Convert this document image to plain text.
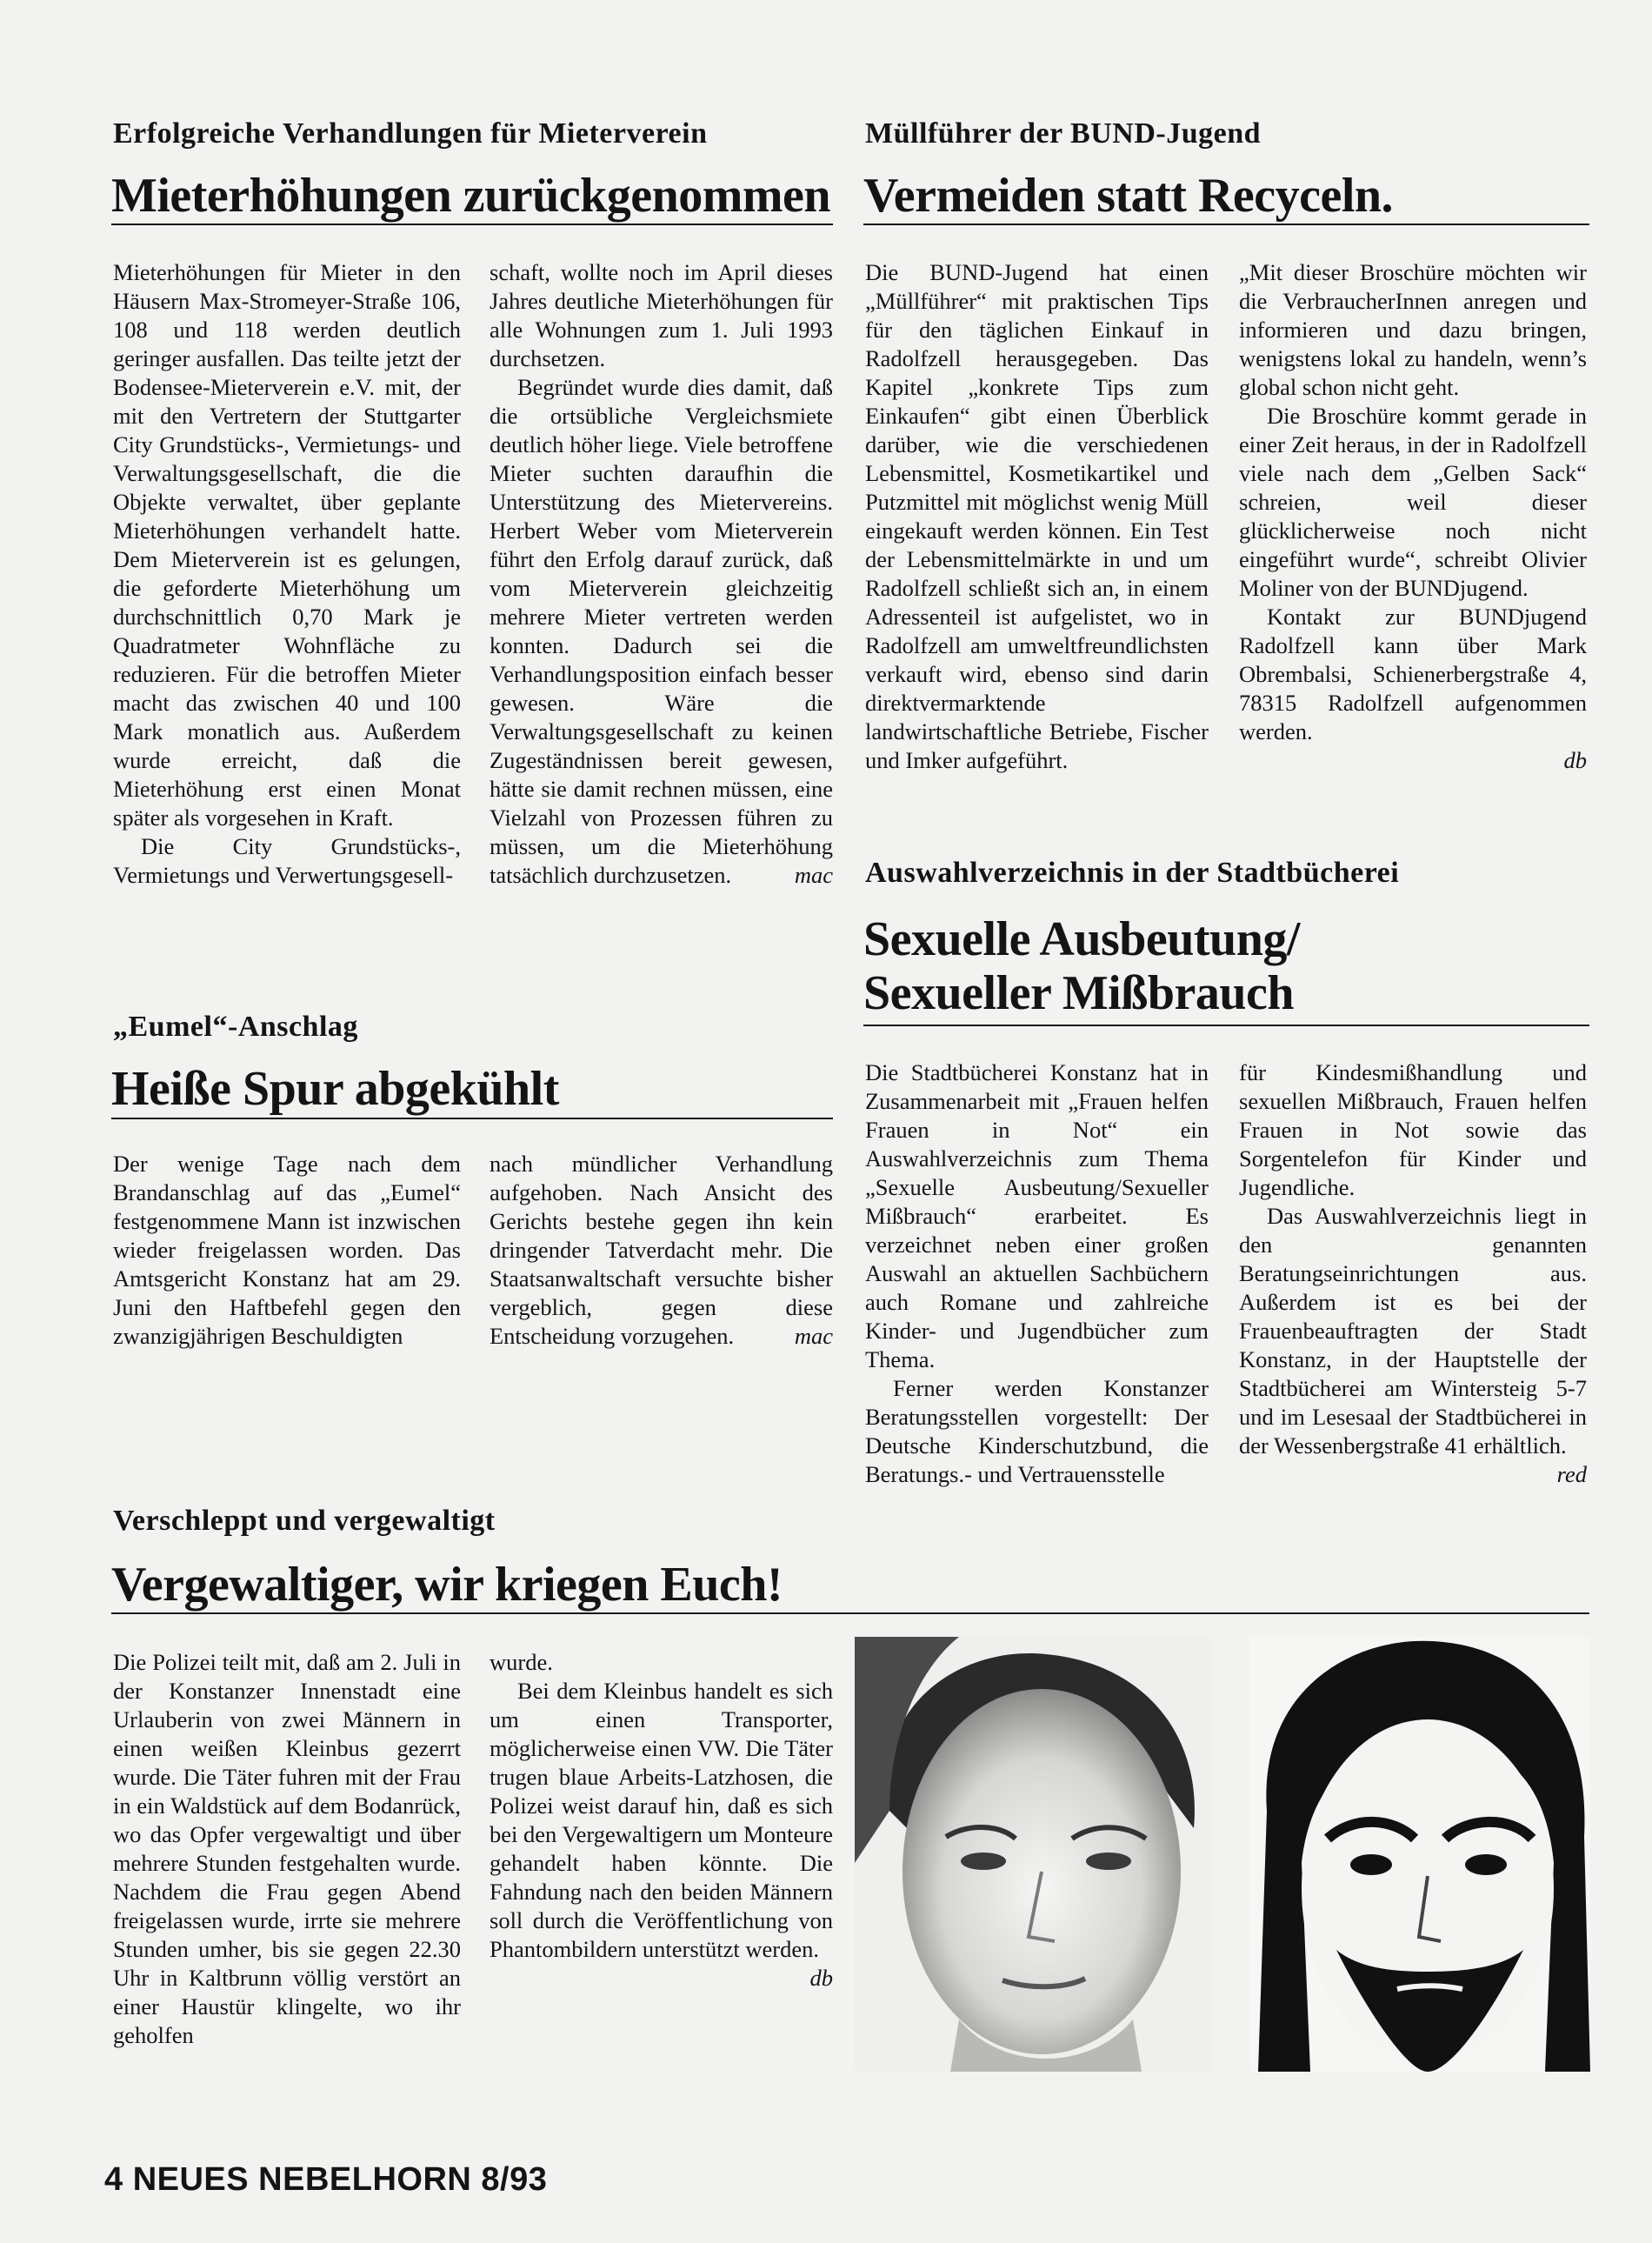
Erfolgreiche Verhandlungen für Mieterverein
Mieterhöhungen zurückgenommen

Mieterhöhungen für Mieter in den Häusern Max-Stromeyer-Straße 106, 108 und 118 werden deutlich geringer ausfallen. Das teilte jetzt der Bodensee-Mieterverein e.V. mit, der mit den Vertretern der Stuttgarter City Grundstücks-, Vermietungs- und Verwaltungsgesellschaft, die die Objekte verwaltet, über geplante Mieterhöhungen verhandelt hatte. Dem Mieterverein ist es gelungen, die geforderte Mieterhöhung um durchschnittlich 0,70 Mark je Quadratmeter Wohnfläche zu reduzieren. Für die betroffen Mieter macht das zwischen 40 und 100 Mark monatlich aus. Außerdem wurde erreicht, daß die Mieterhöhung erst einen Monat später als vorgesehen in Kraft.

Die City Grundstücks-, Vermietungs und Verwertungsgesell-

schaft, wollte noch im April dieses Jahres deutliche Mieterhöhungen für alle Wohnungen zum 1. Juli 1993 durchsetzen.

Begründet wurde dies damit, daß die ortsübliche Vergleichsmiete deutlich höher liege. Viele betroffene Mieter suchten daraufhin die Unterstützung des Mietervereins. Herbert Weber vom Mieterverein führt den Erfolg darauf zurück, daß vom Mieterverein gleichzeitig mehrere Mieter vertreten werden konnten. Dadurch sei die Verhandlungsposition einfach besser gewesen. Wäre die Verwaltungsgesellschaft zu keinen Zugeständnissen bereit gewesen, hätte sie damit rechnen müssen, eine Vielzahl von Prozessen führen zu müssen, um die Mieterhöhung tatsächlich durchzusetzen.	mac

Müllführer der BUND-Jugend
Vermeiden statt Recyceln.

Die BUND-Jugend hat einen „Müllführer“ mit praktischen Tips für den täglichen Einkauf in Radolfzell herausgegeben. Das Kapitel „konkrete Tips zum Einkaufen“ gibt einen Überblick darüber, wie die verschiedenen Lebensmittel, Kosmetikartikel und Putzmittel mit möglichst wenig Müll eingekauft werden können. Ein Test der Lebensmittelmärkte in und um Radolfzell schließt sich an, in einem Adressenteil ist aufgelistet, wo in Radolfzell am umweltfreundlichsten verkauft wird, ebenso sind darin direktvermarktende landwirtschaftliche Betriebe, Fischer und Imker aufgeführt.

„Mit dieser Broschüre möchten wir die VerbraucherInnen anregen und informieren und dazu bringen, wenigstens lokal zu handeln, wenn’s global schon nicht geht.

Die Broschüre kommt gerade in einer Zeit heraus, in der in Radolfzell viele nach dem „Gelben Sack“ schreien, weil dieser glücklicherweise noch nicht eingeführt wurde“, schreibt Olivier Moliner von der BUNDjugend.

Kontakt zur BUNDjugend Radolfzell kann über Mark Obrembalsi, Schienerbergstraße 4, 78315 Radolfzell aufgenommen werden.

db
„Eumel“-Anschlag
Heiße Spur abgekühlt

Der wenige Tage nach dem Brandanschlag auf das „Eumel“ festgenommene Mann ist inzwischen wieder freigelassen worden. Das Amtsgericht Konstanz hat am 29. Juni den Haftbefehl gegen den zwanzigjährigen Beschuldigten

nach mündlicher Verhandlung aufgehoben. Nach Ansicht des Gerichts bestehe gegen ihn kein dringender Tatverdacht mehr. Die Staatsanwaltschaft versuchte bisher vergeblich, gegen diese Entscheidung vorzugehen.	mac

Auswahlverzeichnis in der Stadtbücherei
Sexuelle Ausbeutung/
Sexueller Mißbrauch

Die Stadtbücherei Konstanz hat in Zusammenarbeit mit „Frauen helfen Frauen in Not“ ein Auswahlverzeichnis zum Thema „Sexuelle Ausbeutung/Sexueller Mißbrauch“ erarbeitet. Es verzeichnet neben einer großen Auswahl an aktuellen Sachbüchern auch Romane und zahlreiche Kinder- und Jugendbücher zum Thema.

Ferner werden Konstanzer Beratungsstellen vorgestellt: Der Deutsche Kinderschutzbund, die Beratungs.- und Vertrauensstelle

für Kindesmißhandlung und sexuellen Mißbrauch, Frauen helfen Frauen in Not sowie das Sorgentelefon für Kinder und Jugendliche.

Das Auswahlverzeichnis liegt in den genannten Beratungseinrichtungen aus. Außerdem ist es bei der Frauenbeauftragten der Stadt Konstanz, in der Hauptstelle der Stadtbücherei am Wintersteig 5-7 und im Lesesaal der Stadtbücherei in der Wessenbergstraße 41 erhältlich.
red

Verschleppt und vergewaltigt
Vergewaltiger, wir kriegen Euch!

Die Polizei teilt mit, daß am 2. Juli in der Konstanzer Innenstadt eine Urlauberin von zwei Männern in einen weißen Kleinbus gezerrt wurde. Die Täter fuhren mit der Frau in ein Waldstück auf dem Bodanrück, wo das Opfer vergewaltigt und über mehrere Stunden festgehalten wurde. Nachdem die Frau gegen Abend freigelassen wurde, irrte sie mehrere Stunden umher, bis sie gegen 22.30 Uhr in Kaltbrunn völlig verstört an einer Haustür klingelte, wo ihr geholfen

wurde.

Bei dem Kleinbus handelt es sich um einen Transporter, möglicherweise einen VW. Die Täter trugen blaue Arbeits-Latzhosen, die Polizei weist darauf hin, daß es sich bei den Vergewaltigern um Monteure gehandelt haben könnte. Die Fahndung nach den beiden Männern soll durch die Veröffentlichung von Phantombildern unterstützt werden.
db

4 NEUES NEBELHORN 8/93
